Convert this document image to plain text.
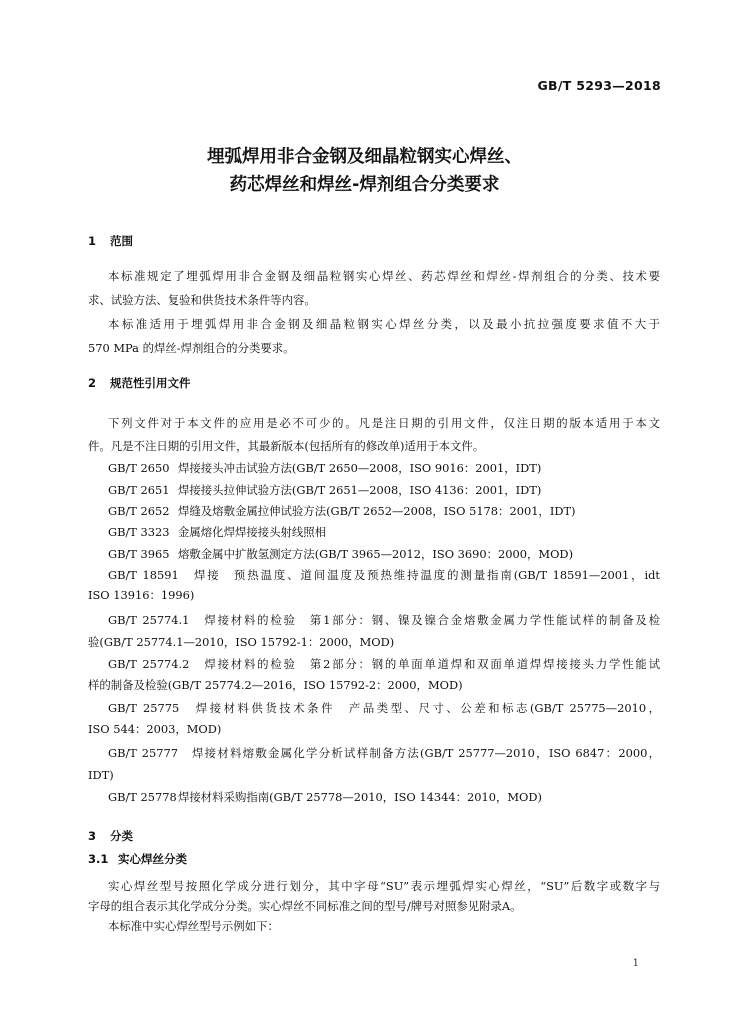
GB/T 5293—2018
埋弧焊用非合金钢及细晶粒钢实心焊丝、
药芯焊丝和焊丝-焊剂组合分类要求
1 范围
本标准规定了埋弧焊用非合金钢及细晶粒钢实心焊丝、药芯焊丝和焊丝-焊剂组合的分类、技术要
求、试验方法、复验和供货技术条件等内容。
本标准适用于埋弧焊用非合金钢及细晶粒钢实心焊丝分类，以及最小抗拉强度要求值不大于
570 MPa 的焊丝-焊剂组合的分类要求。
2 规范性引用文件
下列文件对于本文件的应用是必不可少的。凡是注日期的引用文件，仅注日期的版本适用于本文
件。凡是不注日期的引用文件，其最新版本(包括所有的修改单)适用于本文件。
GB/T 2650 焊接接头冲击试验方法(GB/T 2650—2008，ISO 9016：2001，IDT)
GB/T 2651 焊接接头拉伸试验方法(GB/T 2651—2008，ISO 4136：2001，IDT)
GB/T 2652 焊缝及熔敷金属拉伸试验方法(GB/T 2652—2008，ISO 5178：2001，IDT)
GB/T 3323 金属熔化焊焊接接头射线照相
GB/T 3965 熔敷金属中扩散氢测定方法(GB/T 3965—2012，ISO 3690：2000，MOD)
GB/T 18591　 焊接　预热温度、道间温度及预热维持温度的测量指南(GB/T 18591—2001，idt
ISO 13916：1996)
GB/T 25774.1　 焊接材料的检验　第1部分：钢、镍及镍合金熔敷金属力学性能试样的制备及检
验(GB/T 25774.1—2010，ISO 15792-1：2000，MOD)
GB/T 25774.2　 焊接材料的检验　第2部分：钢的单面单道焊和双面单道焊焊接接头力学性能试
样的制备及检验(GB/T 25774.2—2016，ISO 15792-2：2000，MOD)
GB/T 25775　 焊接材料供货技术条件　产品类型、尺寸、公差和标志(GB/T 25775—2010，
ISO 544：2003，MOD)
GB/T 25777　 焊接材料熔敷金属化学分析试样制备方法(GB/T 25777—2010，ISO 6847：2000，
IDT)
GB/T 25778焊接材料采购指南(GB/T 25778—2010，ISO 14344：2010，MOD)
3 分类
3.1 实心焊丝分类
实心焊丝型号按照化学成分进行划分，其中字母“SU”表示埋弧焊实心焊丝，“SU”后数字或数字与
字母的组合表示其化学成分分类。实心焊丝不同标准之间的型号/牌号对照参见附录A。
本标准中实心焊丝型号示例如下：
1
